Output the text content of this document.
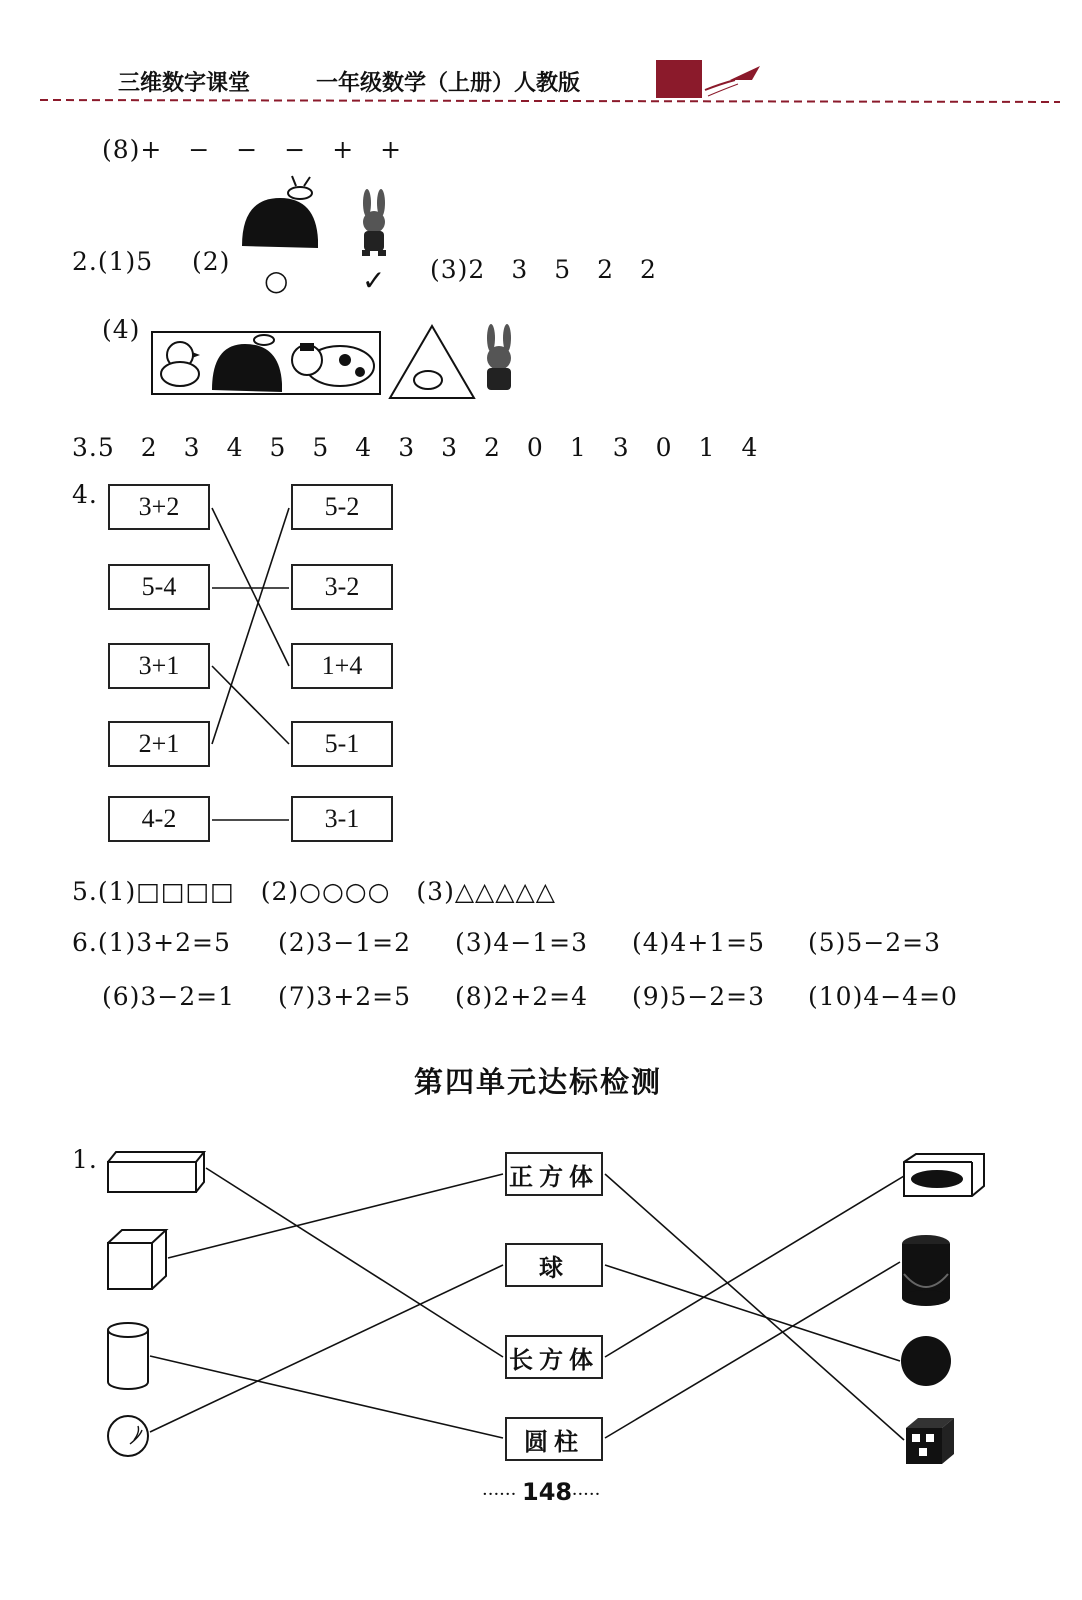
三维数字课堂	一年级数学（上册）人教版
(8)+　−　−　−　+　+
2.(1)5 (2)
○	✓ (3)2　3　5　2　2
(4)
3.5　2　3　4　5　5　4　3　3　2　0　1　3　0　1　4
4.	3+2
5-4
3+1
2+1
4-2
5-2
3-2
1+4
5-1
3-1
5.(1)□□□□　(2)○○○○　(3)△△△△△
6.(1)3+2=5 (2)3−1=2 (3)4−1=3 (4)4+1=5 (5)5−2=3
(6)3−2=1 (7)3+2=5 (8)2+2=4 (9)5−2=3 (10)4−4=0
第四单元达标检测
1.
正方体
球
长方体
圆柱
······ 148
······
